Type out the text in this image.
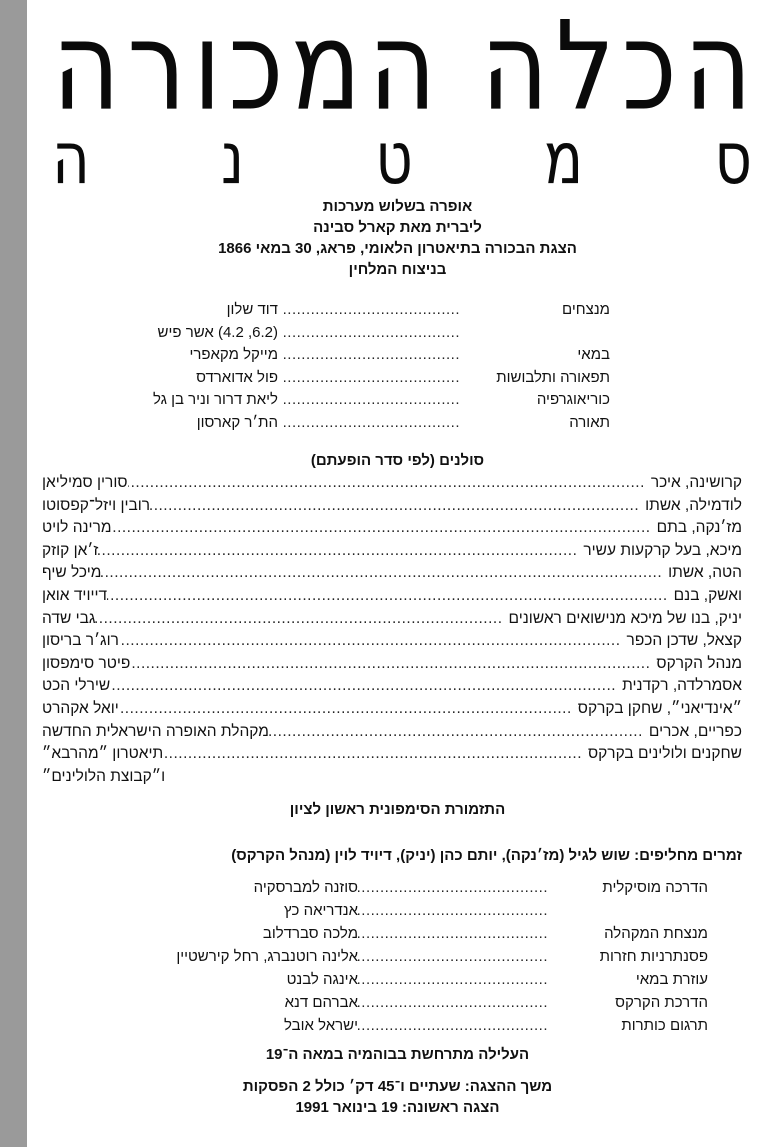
ה
כ
ל
ה
ה
מ
כ
ו
ר
ה
ס
מ
ט
נ
ה
אופרה בשלוש מערכות
ליברית מאת קארל סבינה
הצגת הבכורה בתיאטרון הלאומי, פראג, 30 במאי 1866
בניצוח המלחין
מנצחים
.....
דוד שלון
.....
(6.2, 4.2) אשר פיש
במאי
.....
מייקל מקאפרי
תפאורה ותלבושות
.....
פול אדוארדס
כוריאוגרפיה
.....
ליאת דרור וניר בן גל
תאורה
.....
הת׳ר קארסון
סולנים (לפי סדר הופעתם)
קרושינה, איכר
.....
סורין סמיליאן
לודמילה, אשתו
.....
רובין ויזל־קפסוטו
מז׳נקה, בתם
.....
מרינה לויט
מיכא, בעל קרקעות עשיר
.....
ז׳אן קוזק
הטה, אשתו
.....
מיכל שיף
ואשק, בנם
.....
דייויד אואן
יניק, בנו של מיכא מנישואים ראשונים
.....
גבי שדה
קצאל, שדכן הכפר
.....
רוג׳ר בריסון
מנהל הקרקס
.....
פיטר סימפסון
אסמרלדה, רקדנית
.....
שירלי הכט
״אינדיאני״, שחקן בקרקס
.....
יואל אקהרט
כפריים, אכרים
.....
מקהלת האופרה הישראלית החדשה
שחקנים ולולינים בקרקס
.....
תיאטרון ״מהרבא״
ו״קבוצת הלולינים״
התזמורת הסימפונית ראשון לציון
זמרים מחליפים: שוש לגיל (מז׳נקה), יותם כהן (יניק), דיויד לוין (מנהל הקרקס)
הדרכה מוסיקלית
.....
סוזנה למברסקיה
.....
אנדריאה כץ
מנצחת המקהלה
.....
מלכה סברדלוב
פסנתרניות חזרות
.....
אלינה רוטנברג, רחל קירשטיין
עוזרת במאי
.....
אינגה לבנט
הדרכת הקרקס
.....
אברהם דנא
תרגום כותרות
.....
ישראל אובל
העלילה מתרחשת בבוהמיה במאה ה־19
משך ההצגה: שעתיים ו־45 דק׳ כולל 2 הפסקות
הצגה ראשונה: 19 בינואר 1991
